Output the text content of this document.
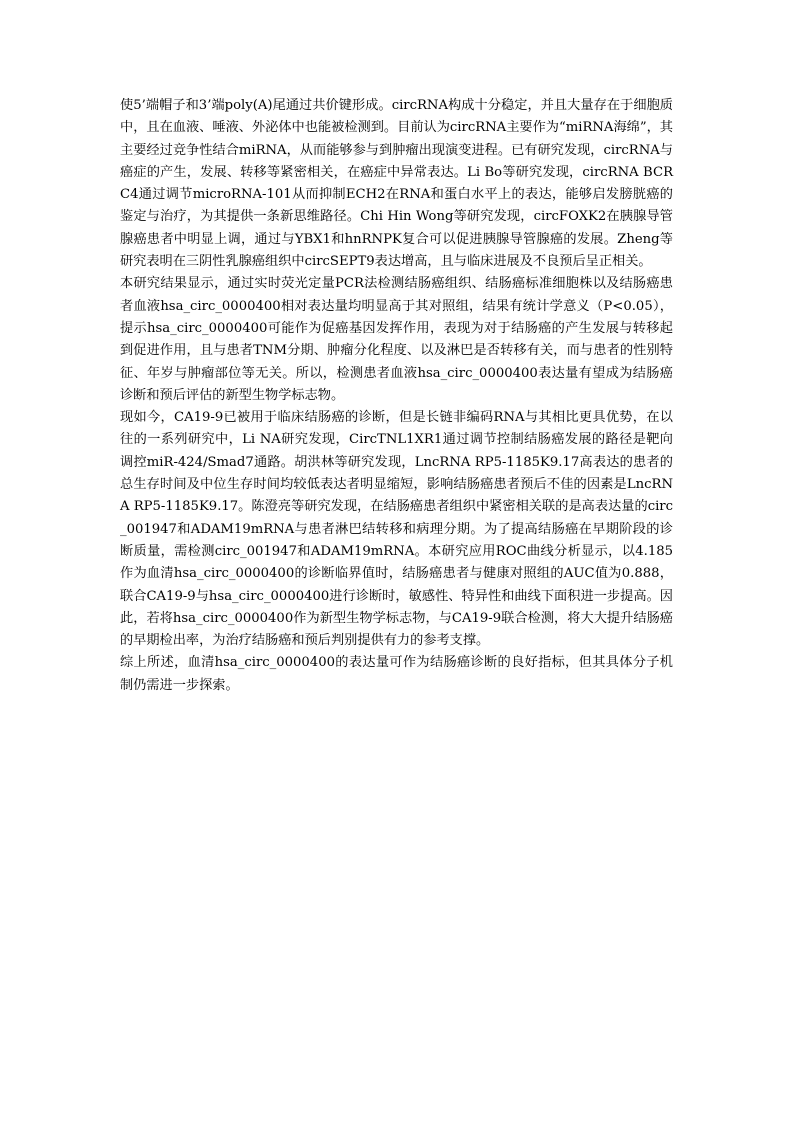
使5’端帽子和3’端poly(A)尾通过共价键形成。circRNA构成十分稳定，并且大量存在于细胞质中，且在血液、唾液、外泌体中也能被检测到。目前认为circRNA主要作为“miRNA海绵”，其主要经过竞争性结合miRNA，从而能够参与到肿瘤出现演变进程。已有研究发现，circRNA与癌症的产生，发展、转移等紧密相关，在癌症中异常表达。Li Bo等研究发现，circRNA BCRC4通过调节microRNA-101从而抑制ECH2在RNA和蛋白水平上的表达，能够启发膀胱癌的鉴定与治疗，为其提供一条新思维路径。Chi Hin Wong等研究发现，circFOXK2在胰腺导管腺癌患者中明显上调，通过与YBX1和hnRNPK复合可以促进胰腺导管腺癌的发展。Zheng等研究表明在三阴性乳腺癌组织中circSEPT9表达增高，且与临床进展及不良预后呈正相关。

本研究结果显示，通过实时荧光定量PCR法检测结肠癌组织、结肠癌标准细胞株以及结肠癌患者血液hsa_circ_0000400相对表达量均明显高于其对照组，结果有统计学意义（P<0.05），提示hsa_circ_0000400可能作为促癌基因发挥作用，表现为对于结肠癌的产生发展与转移起到促进作用，且与患者TNM分期、肿瘤分化程度、以及淋巴是否转移有关，而与患者的性别特征、年岁与肿瘤部位等无关。所以，检测患者血液hsa_circ_0000400表达量有望成为结肠癌诊断和预后评估的新型生物学标志物。

现如今，CA19-9已被用于临床结肠癌的诊断，但是长链非编码RNA与其相比更具优势，在以往的一系列研究中，Li NA研究发现，CircTNL1XR1通过调节控制结肠癌发展的路径是靶向调控miR-424/Smad7通路。胡洪林等研究发现，LncRNA RP5-1185K9.17高表达的患者的总生存时间及中位生存时间均较低表达者明显缩短，影响结肠癌患者预后不佳的因素是LncRNA RP5-1185K9.17。陈澄亮等研究发现，在结肠癌患者组织中紧密相关联的是高表达量的circ_001947和ADAM19mRNA与患者淋巴结转移和病理分期。为了提高结肠癌在早期阶段的诊断质量，需检测circ_001947和ADAM19mRNA。本研究应用ROC曲线分析显示，以4.185作为血清hsa_circ_0000400的诊断临界值时，结肠癌患者与健康对照组的AUC值为0.888，联合CA19-9与hsa_circ_0000400进行诊断时，敏感性、特异性和曲线下面积进一步提高。因此，若将hsa_circ_0000400作为新型生物学标志物，与CA19-9联合检测，将大大提升结肠癌的早期检出率，为治疗结肠癌和预后判别提供有力的参考支撑。

综上所述，血清hsa_circ_0000400的表达量可作为结肠癌诊断的良好指标，但其具体分子机制仍需进一步探索。
